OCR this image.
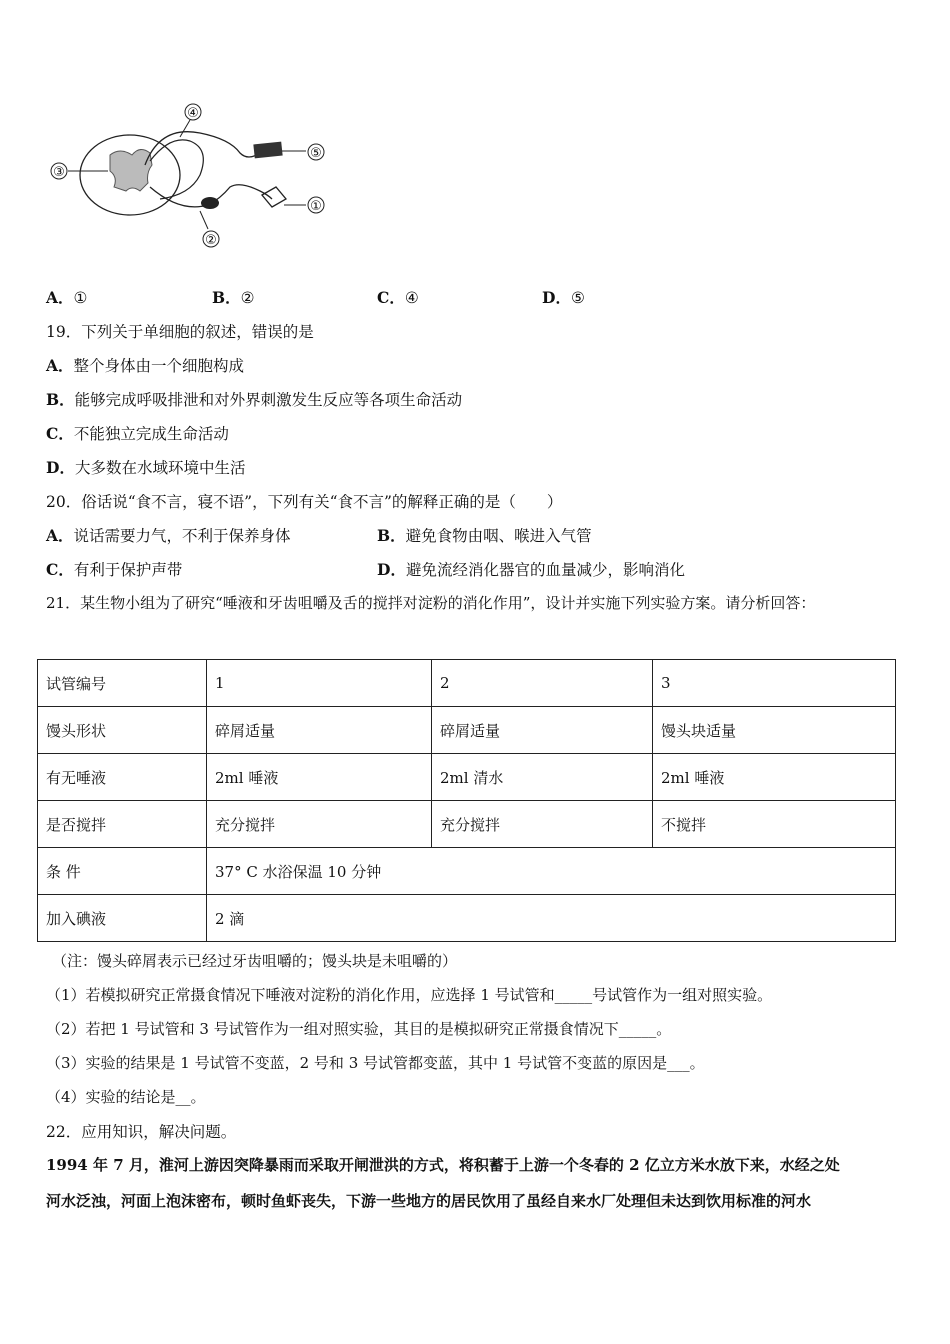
④
⑤
③
①
②
A．①	B．②	C．④	D．⑤
19．下列关于单细胞的叙述，错误的是
A．整个身体由一个细胞构成
B．能够完成呼吸排泄和对外界刺激发生反应等各项生命活动
C．不能独立完成生命活动
D．大多数在水域环境中生活
20．俗话说“食不言，寝不语”，下列有关“食不言”的解释正确的是（　　）
A．说话需要力气，不利于保养身体	B．避免食物由咽、喉进入气管
C．有利于保护声带	D．避免流经消化器官的血量减少，影响消化
21．某生物小组为了研究“唾液和牙齿咀嚼及舌的搅拌对淀粉的消化作用”，设计并实施下列实验方案。请分析回答：
试管编号	1	2	3
馒头形状	碎屑适量	碎屑适量	馒头块适量
有无唾液	2ml 唾液	2ml 清水	2ml 唾液
是否搅拌	充分搅拌	充分搅拌	不搅拌
条 件	37° C 水浴保温 10 分钟		
加入碘液	2 滴		
（注：馒头碎屑表示已经过牙齿咀嚼的；馒头块是未咀嚼的）
（1）若模拟研究正常摄食情况下唾液对淀粉的消化作用，应选择 1 号试管和_____号试管作为一组对照实验。
（2）若把 1 号试管和 3 号试管作为一组对照实验，其目的是模拟研究正常摄食情况下_____。
（3）实验的结果是 1 号试管不变蓝，2 号和 3 号试管都变蓝，其中 1 号试管不变蓝的原因是___。
（4）实验的结论是__。
22．应用知识，解决问题。
1994 年 7 月，淮河上游因突降暴雨而采取开闸泄洪的方式，将积蓄于上游一个冬春的 2 亿立方米水放下来，水经之处
河水泛浊，河面上泡沫密布，顿时鱼虾丧失，下游一些地方的居民饮用了虽经自来水厂处理但未达到饮用标准的河水
